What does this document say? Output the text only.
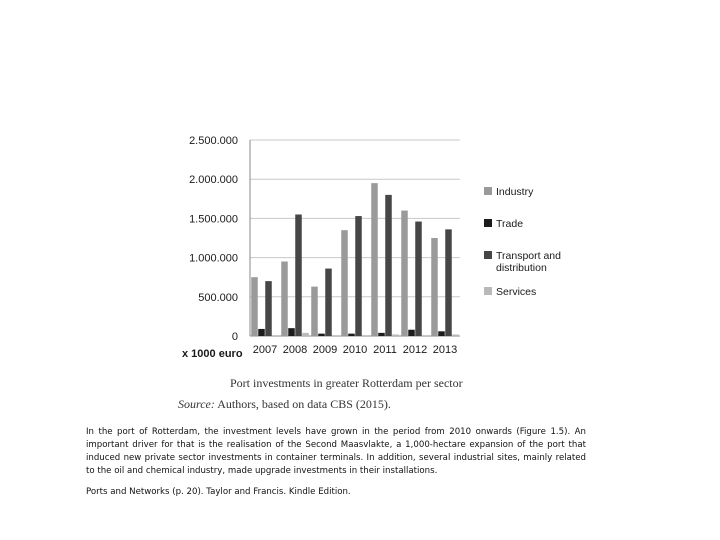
0
500.000
1.000.000
1.500.000
2.000.000
2.500.000
2007 2008 2009 2010 2011 2012 2013
x 1000 euro
Industry
Trade
Transport and
distribution
Services
Port investments in greater Rotterdam per sector
Source: Authors, based on data CBS (2015).
In the port of Rotterdam, the investment levels have grown in the period from 2010 onwards (Figure 1.5). An important driver for that is the realisation of the Second Maasvlakte, a 1,000-hectare expansion of the port that induced new private sector investments in container terminals. In addition, several industrial sites, mainly related to the oil and chemical industry, made upgrade investments in their installations.
Ports and Networks (p. 20). Taylor and Francis. Kindle Edition.
